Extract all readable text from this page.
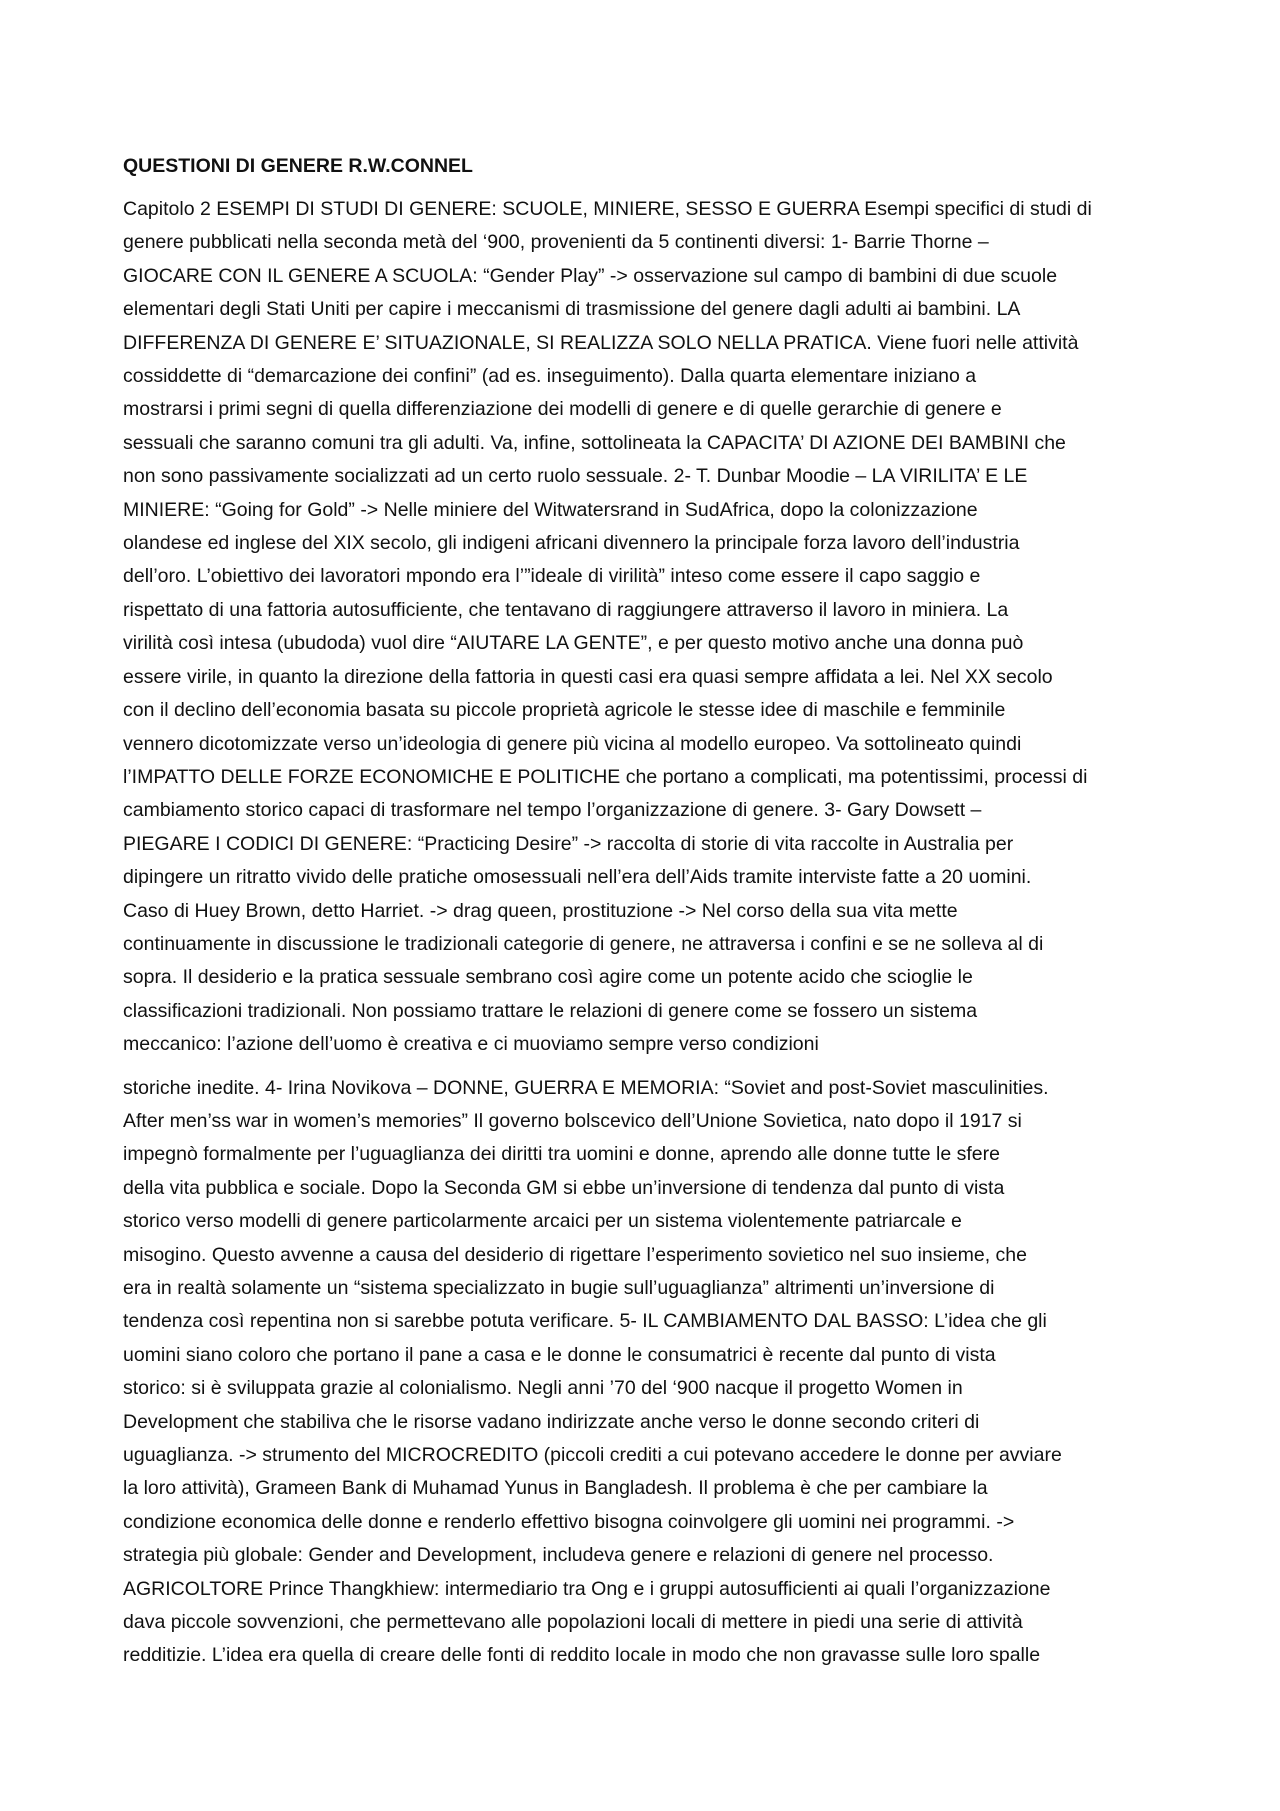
QUESTIONI DI GENERE R.W.CONNEL

Capitolo 2 ESEMPI DI STUDI DI GENERE: SCUOLE, MINIERE, SESSO E GUERRA Esempi specifici di studi di
genere pubblicati nella seconda metà del ‘900, provenienti da 5 continenti diversi: 1- Barrie Thorne –
GIOCARE CON IL GENERE A SCUOLA: “Gender Play” -> osservazione sul campo di bambini di due scuole
elementari degli Stati Uniti per capire i meccanismi di trasmissione del genere dagli adulti ai bambini. LA
DIFFERENZA DI GENERE E’ SITUAZIONALE, SI REALIZZA SOLO NELLA PRATICA. Viene fuori nelle attività
cossiddette di “demarcazione dei confini” (ad es. inseguimento). Dalla quarta elementare iniziano a
mostrarsi i primi segni di quella differenziazione dei modelli di genere e di quelle gerarchie di genere e
sessuali che saranno comuni tra gli adulti. Va, infine, sottolineata la CAPACITA’ DI AZIONE DEI BAMBINI che
non sono passivamente socializzati ad un certo ruolo sessuale. 2- T. Dunbar Moodie – LA VIRILITA’ E LE
MINIERE: “Going for Gold” -> Nelle miniere del Witwatersrand in SudAfrica, dopo la colonizzazione
olandese ed inglese del XIX secolo, gli indigeni africani divennero la principale forza lavoro dell’industria
dell’oro. L’obiettivo dei lavoratori mpondo era l’”ideale di virilità” inteso come essere il capo saggio e
rispettato di una fattoria autosufficiente, che tentavano di raggiungere attraverso il lavoro in miniera. La
virilità così intesa (ubudoda) vuol dire “AIUTARE LA GENTE”, e per questo motivo anche una donna può
essere virile, in quanto la direzione della fattoria in questi casi era quasi sempre affidata a lei. Nel XX secolo
con il declino dell’economia basata su piccole proprietà agricole le stesse idee di maschile e femminile
vennero dicotomizzate verso un’ideologia di genere più vicina al modello europeo. Va sottolineato quindi
l’IMPATTO DELLE FORZE ECONOMICHE E POLITICHE che portano a complicati, ma potentissimi, processi di
cambiamento storico capaci di trasformare nel tempo l’organizzazione di genere. 3- Gary Dowsett –
PIEGARE I CODICI DI GENERE: “Practicing Desire” -> raccolta di storie di vita raccolte in Australia per
dipingere un ritratto vivido delle pratiche omosessuali nell’era dell’Aids tramite interviste fatte a 20 uomini.
Caso di Huey Brown, detto Harriet. -> drag queen, prostituzione -> Nel corso della sua vita mette
continuamente in discussione le tradizionali categorie di genere, ne attraversa i confini e se ne solleva al di
sopra. Il desiderio e la pratica sessuale sembrano così agire come un potente acido che scioglie le
classificazioni tradizionali. Non possiamo trattare le relazioni di genere come se fossero un sistema
meccanico: l’azione dell’uomo è creativa e ci muoviamo sempre verso condizioni

storiche inedite. 4- Irina Novikova – DONNE, GUERRA E MEMORIA: “Soviet and post-Soviet masculinities.
After men’ss war in women’s memories” Il governo bolscevico dell’Unione Sovietica, nato dopo il 1917 si
impegnò formalmente per l’uguaglianza dei diritti tra uomini e donne, aprendo alle donne tutte le sfere
della vita pubblica e sociale. Dopo la Seconda GM si ebbe un’inversione di tendenza dal punto di vista
storico verso modelli di genere particolarmente arcaici per un sistema violentemente patriarcale e
misogino. Questo avvenne a causa del desiderio di rigettare l’esperimento sovietico nel suo insieme, che
era in realtà solamente un “sistema specializzato in bugie sull’uguaglianza” altrimenti un’inversione di
tendenza così repentina non si sarebbe potuta verificare. 5- IL CAMBIAMENTO DAL BASSO: L’idea che gli
uomini siano coloro che portano il pane a casa e le donne le consumatrici è recente dal punto di vista
storico: si è sviluppata grazie al colonialismo. Negli anni ’70 del ‘900 nacque il progetto Women in
Development che stabiliva che le risorse vadano indirizzate anche verso le donne secondo criteri di
uguaglianza. -> strumento del MICROCREDITO (piccoli crediti a cui potevano accedere le donne per avviare
la loro attività), Grameen Bank di Muhamad Yunus in Bangladesh. Il problema è che per cambiare la
condizione economica delle donne e renderlo effettivo bisogna coinvolgere gli uomini nei programmi. ->
strategia più globale: Gender and Development, includeva genere e relazioni di genere nel processo.
AGRICOLTORE Prince Thangkhiew: intermediario tra Ong e i gruppi autosufficienti ai quali l’organizzazione
dava piccole sovvenzioni, che permettevano alle popolazioni locali di mettere in piedi una serie di attività
redditizie. L’idea era quella di creare delle fonti di reddito locale in modo che non gravasse sulle loro spalle
